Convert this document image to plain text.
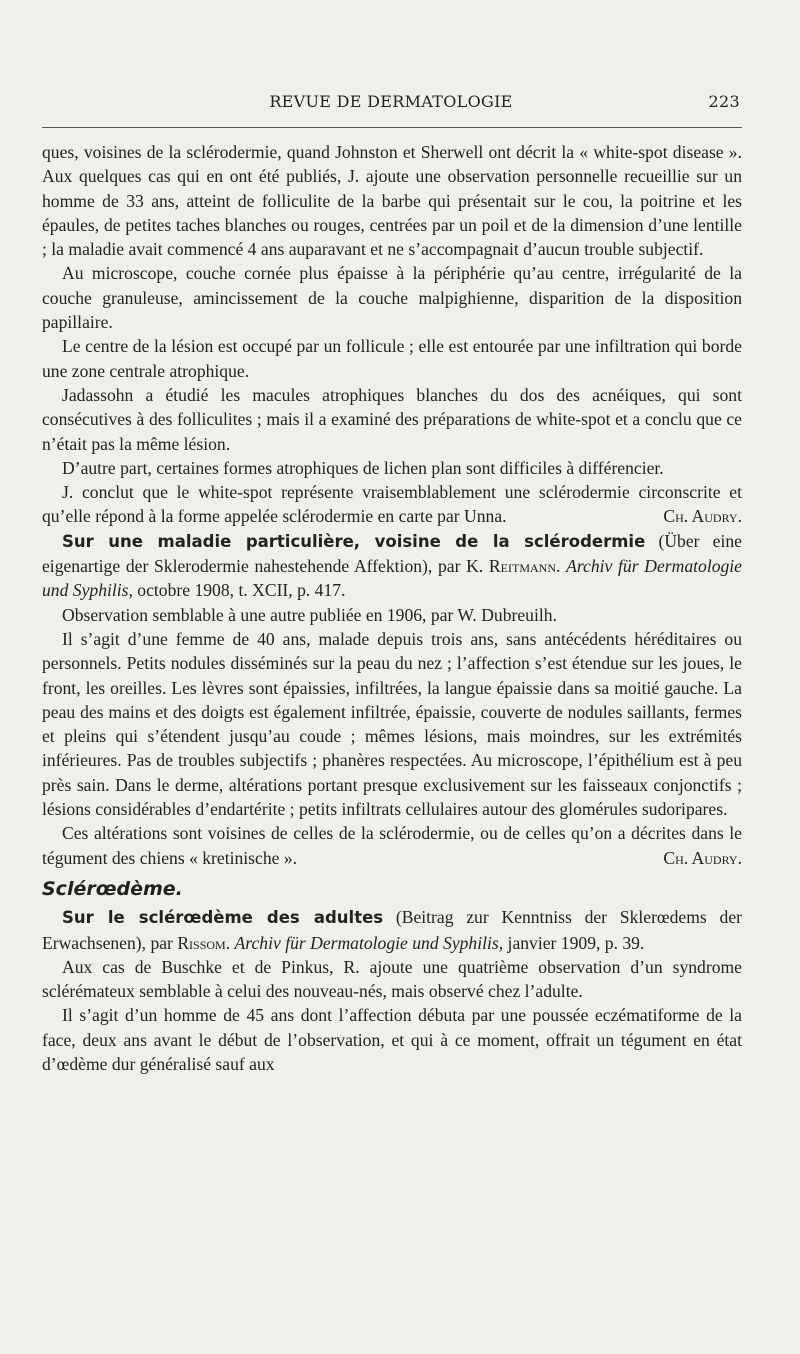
REVUE DE DERMATOLOGIE	223

ques, voisines de la sclérodermie, quand Johnston et Sherwell ont décrit la « white-spot disease ». Aux quelques cas qui en ont été publiés, J. ajoute une observation personnelle recueillie sur un homme de 33 ans, atteint de folliculite de la barbe qui présentait sur le cou, la poitrine et les épaules, de petites taches blanches ou rouges, centrées par un poil et de la dimension d’une lentille ; la maladie avait commencé 4 ans auparavant et ne s’accompagnait d’aucun trouble subjectif.

Au microscope, couche cornée plus épaisse à la périphérie qu’au centre, irrégularité de la couche granuleuse, amincissement de la couche malpighienne, disparition de la disposition papillaire.

Le centre de la lésion est occupé par un follicule ; elle est entourée par une infiltration qui borde une zone centrale atrophique.

Jadassohn a étudié les macules atrophiques blanches du dos des acnéiques, qui sont consécutives à des folliculites ; mais il a examiné des préparations de white-spot et a conclu que ce n’était pas la même lésion.

D’autre part, certaines formes atrophiques de lichen plan sont difficiles à différencier.

J. conclut que le white-spot représente vraisemblablement une sclérodermie circonscrite et qu’elle répond à la forme appelée sclérodermie en carte par Unna.	Ch. Audry.

Sur une maladie particulière, voisine de la sclérodermie (Über eine eigenartige der Sklerodermie nahestehende Affektion), par K. Reitmann. Archiv für Dermatologie und Syphilis, octobre 1908, t. XCII, p. 417.

Observation semblable à une autre publiée en 1906, par W. Dubreuilh.

Il s’agit d’une femme de 40 ans, malade depuis trois ans, sans antécédents héréditaires ou personnels. Petits nodules disséminés sur la peau du nez ; l’affection s’est étendue sur les joues, le front, les oreilles. Les lèvres sont épaissies, infiltrées, la langue épaissie dans sa moitié gauche. La peau des mains et des doigts est également infiltrée, épaissie, couverte de nodules saillants, fermes et pleins qui s’étendent jusqu’au coude ; mêmes lésions, mais moindres, sur les extrémités inférieures. Pas de troubles subjectifs ; phanères respectées. Au microscope, l’épithélium est à peu près sain. Dans le derme, altérations portant presque exclusivement sur les faisseaux conjonctifs ; lésions considérables d’endartérite ; petits infiltrats cellulaires autour des glomérules sudoripares.

Ces altérations sont voisines de celles de la sclérodermie, ou de celles qu’on a décrites dans le tégument des chiens « kretinische ».	Ch. Audry.

Sclérœdème.

Sur le sclérœdème des adultes (Beitrag zur Kenntniss der Sklerœdems der Erwachsenen), par Rissom. Archiv für Dermatologie und Syphilis, janvier 1909, p. 39.

Aux cas de Buschke et de Pinkus, R. ajoute une quatrième observation d’un syndrome sclérémateux semblable à celui des nouveau-nés, mais observé chez l’adulte.

Il s’agit d’un homme de 45 ans dont l’affection débuta par une poussée eczématiforme de la face, deux ans avant le début de l’observation, et qui à ce moment, offrait un tégument en état d’œdème dur généralisé sauf aux
